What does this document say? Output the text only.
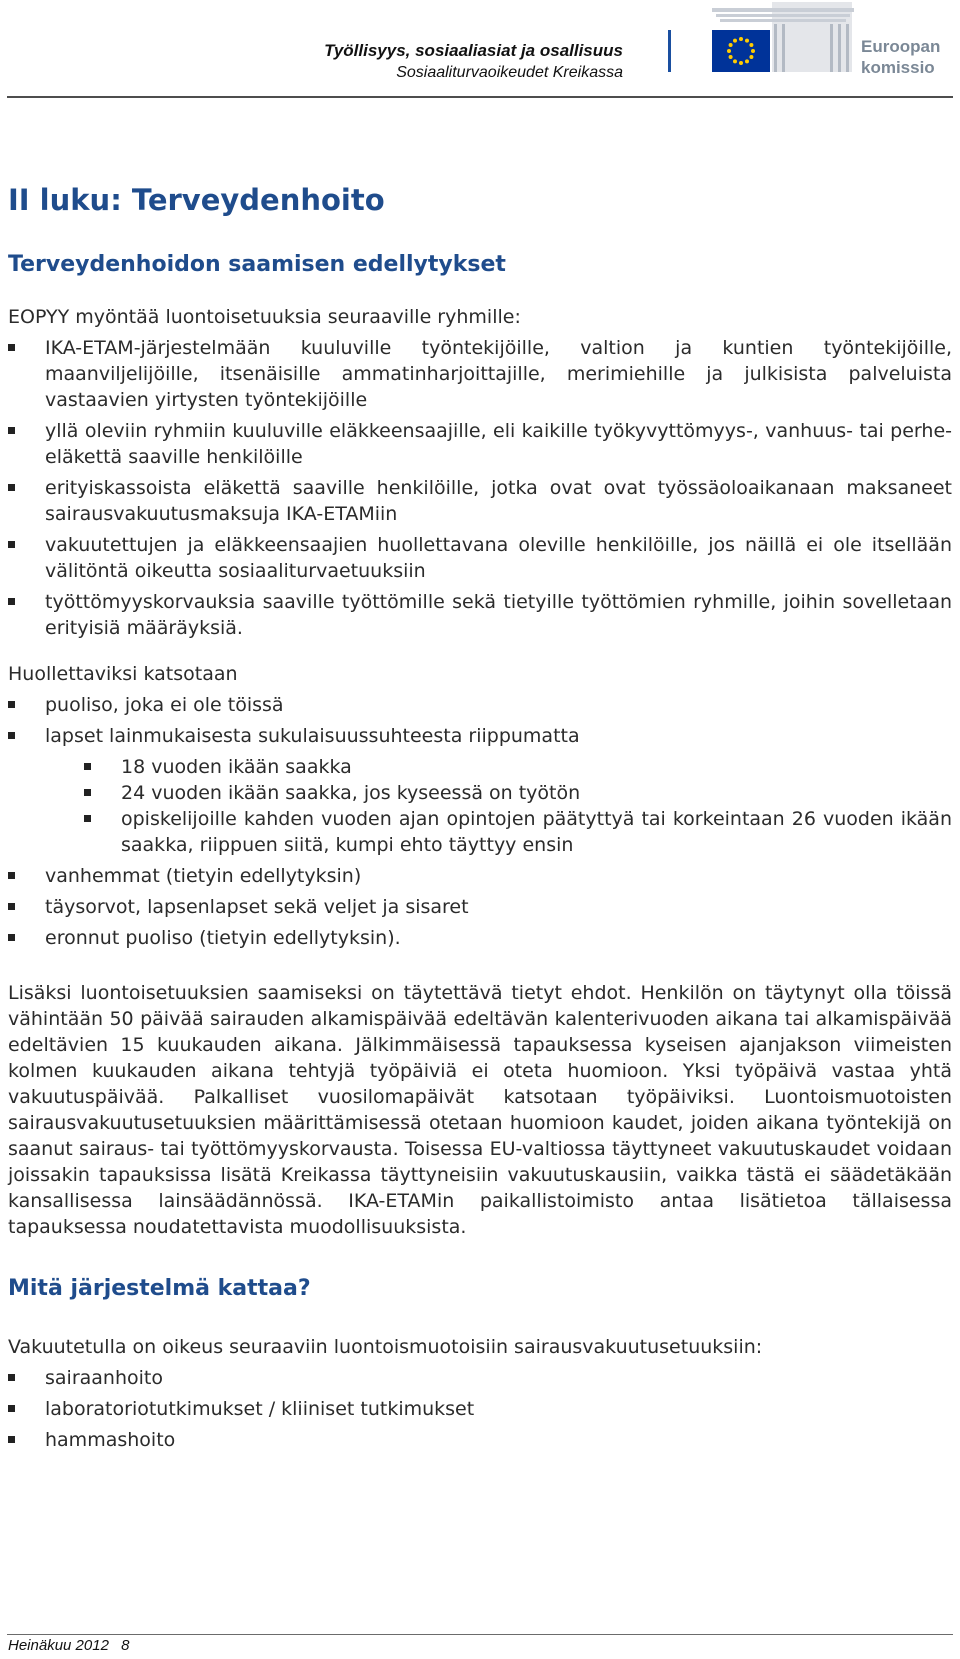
Työllisyys, sosiaaliasiat ja osallisuus
Sosiaaliturvaoikeudet Kreikassa
Euroopan
komissio
II luku: Terveydenhoito
Terveydenhoidon saamisen edellytykset

EOPYY myöntää luontoisetuuksia seuraaville ryhmille:

IKA-ETAM-järjestelmään kuuluville työntekijöille, valtion ja kuntien työntekijöille, maanviljelijöille, itsenäisille ammatinharjoittajille, merimiehille ja julkisista palveluista vastaavien yirtysten työntekijöille
yllä oleviin ryhmiin kuuluville eläkkeensaajille, eli kaikille työkyvyttömyys-, vanhuus- tai perhe-eläkettä saaville henkilöille
erityiskassoista eläkettä saaville henkilöille, jotka ovat ovat työssäoloaikanaan maksaneet sairausvakuutusmaksuja IKA-ETAMiin
vakuutettujen ja eläkkeensaajien huollettavana oleville henkilöille, jos näillä ei ole itsellään välitöntä oikeutta sosiaaliturvaetuuksiin
työttömyyskorvauksia saaville työttömille sekä tietyille työttömien ryhmille, joihin sovelletaan erityisiä määräyksiä.

Huollettaviksi katsotaan

puoliso, joka ei ole töissä
lapset lainmukaisesta sukulaisuussuhteesta riippumatta
18 vuoden ikään saakka
24 vuoden ikään saakka, jos kyseessä on työtön
opiskelijoille kahden vuoden ajan opintojen päätyttyä tai korkeintaan 26 vuoden ikään saakka, riippuen siitä, kumpi ehto täyttyy ensin
vanhemmat (tietyin edellytyksin)
täysorvot, lapsenlapset sekä veljet ja sisaret
eronnut puoliso (tietyin edellytyksin).

Lisäksi luontoisetuuksien saamiseksi on täytettävä tietyt ehdot. Henkilön on täytynyt olla töissä vähintään 50 päivää sairauden alkamispäivää edeltävän kalenterivuoden aikana tai alkamispäivää edeltävien 15 kuukauden aikana. Jälkimmäisessä tapauksessa kyseisen ajanjakson viimeisten kolmen kuukauden aikana tehtyjä työpäiviä ei oteta huomioon. Yksi työpäivä vastaa yhtä vakuutuspäivää. Palkalliset vuosilomapäivät katsotaan työpäiviksi. Luontoismuotoisten sairausvakuutusetuuksien määrittämisessä otetaan huomioon kaudet, joiden aikana työntekijä on saanut sairaus- tai työttömyyskorvausta. Toisessa EU-valtiossa täyttyneet vakuutuskaudet voidaan joissakin tapauksissa lisätä Kreikassa täyttyneisiin vakuutuskausiin, vaikka tästä ei säädetäkään kansallisessa lainsäädännössä. IKA-ETAMin paikallistoimisto antaa lisätietoa tällaisessa tapauksessa noudatettavista muodollisuuksista.

Mitä järjestelmä kattaa?

Vakuutetulla on oikeus seuraaviin luontoismuotoisiin sairausvakuutusetuuksiin:

sairaanhoito
laboratoriotutkimukset / kliiniset tutkimukset
hammashoito
Heinäkuu 2012 8
